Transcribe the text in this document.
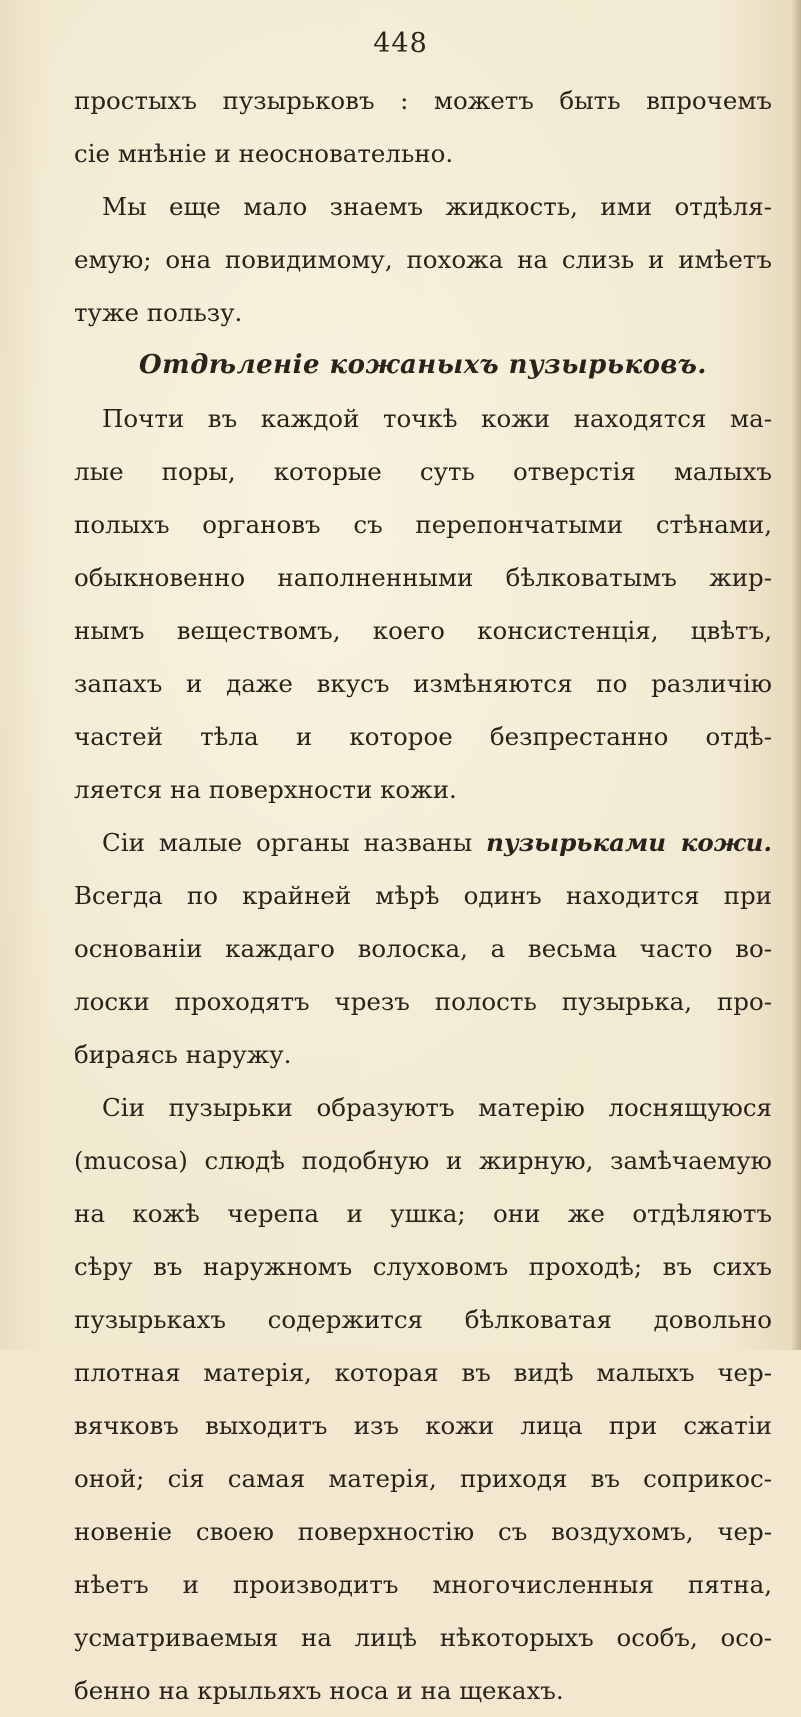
448
простыхъ пузырьковъ : можетъ быть впрочемъ
сіе мнѣніе и неосновательно.
Мы еще мало знаемъ жидкость, ими отдѣля-
емую; она повидимому, похожа на слизь и имѣетъ
туже пользу.
Отдѣленіе кожаныхъ пузырьковъ.
Почти въ каждой точкѣ кожи находятся ма-
лые поры, которые суть отверстія малыхъ
полыхъ органовъ съ перепончатыми стѣнами,
обыкновенно наполненными бѣлковатымъ жир-
нымъ веществомъ, коего консистенція, цвѣтъ,
запахъ и даже вкусъ измѣняются по различію
частей тѣла и которое безпрестанно отдѣ-
ляется на поверхности кожи.
Сіи малые органы названы пузырьками кожи.
Всегда по крайней мѣрѣ одинъ находится при
основаніи каждаго волоска, а весьма часто во-
лоски проходятъ чрезъ полость пузырька, про-
бираясь наружу.
Сіи пузырьки образуютъ матерію лоснящуюся
(mucosa) слюдѣ подобную и жирную, замѣчаемую
на кожѣ черепа и ушка; они же отдѣляютъ
сѣру въ наружномъ слуховомъ проходѣ; въ сихъ
пузырькахъ содержится бѣлковатая довольно
плотная матерія, которая въ видѣ малыхъ чер-
вячковъ выходитъ изъ кожи лица при сжатіи
оной; сія самая матерія, приходя въ соприкос-
новеніе своею поверхностію съ воздухомъ, чер-
нѣетъ и производитъ многочисленныя пятна,
усматриваемыя на лицѣ нѣкоторыхъ особъ, осо-
бенно на крыльяхъ носа и на щекахъ.
